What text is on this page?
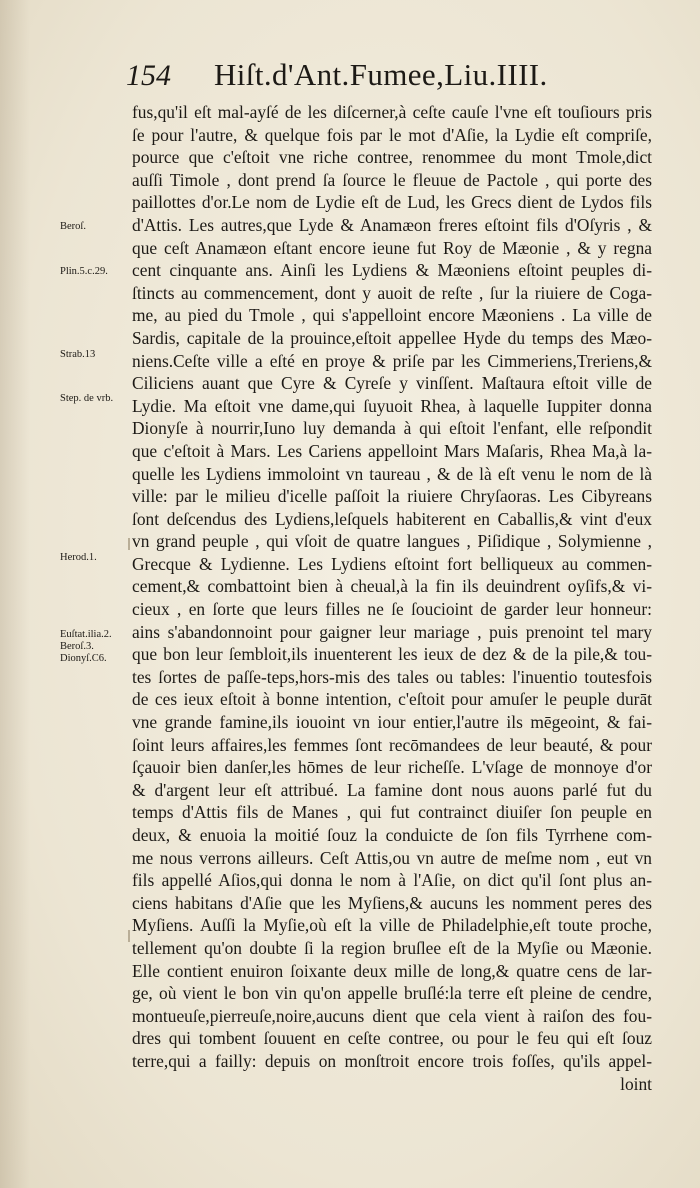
154 Hiſt.d'Ant.Fumee,Liu.IIII.
fus,qu'il eſt mal-ayſé de les diſcerner,à ceſte cauſe l'vne eſt touſiours pris
ſe pour l'autre, & quelque fois par le mot d'Aſie, la Lydie eſt compriſe,
pource que c'eſtoit vne riche contree, renommee du mont Tmole,dict
auſſi Timole , dont prend ſa ſource le fleuue de Pactole , qui porte des
paillottes d'or.Le nom de Lydie eſt de Lud, les Grecs dient de Lydos fils
d'Attis. Les autres,que Lyde & Anamæon freres eſtoint fils d'Oſyris , &
que ceſt Anamæon eſtant encore ieune fut Roy de Mæonie , & y regna
cent cinquante ans. Ainſi les Lydiens & Mæoniens eſtoint peuples di-
ſtincts au commencement, dont y auoit de reſte , ſur la riuiere de Coga-
me, au pied du Tmole , qui s'appelloint encore Mæoniens . La ville de
Sardis, capitale de la prouince,eſtoit appellee Hyde du temps des Mæo-
niens.Ceſte ville a eſté en proye & priſe par les Cimmeriens,Treriens,&
Ciliciens auant que Cyre & Cyreſe y vinſſent. Maſtaura eſtoit ville de
Lydie. Ma eſtoit vne dame,qui ſuyuoit Rhea, à laquelle Iuppiter donna
Dionyſe à nourrir,Iuno luy demanda à qui eſtoit l'enfant, elle reſpondit
que c'eſtoit à Mars. Les Cariens appelloint Mars Maſaris, Rhea Ma,à la-
quelle les Lydiens immoloint vn taureau , & de là eſt venu le nom de là
ville: par le milieu d'icelle paſſoit la riuiere Chryſaoras. Les Cibyreans
ſont deſcendus des Lydiens,leſquels habiterent en Caballis,& vint d'eux
vn grand peuple , qui vſoit de quatre langues , Piſidique , Solymienne ,
Grecque & Lydienne. Les Lydiens eſtoint fort belliqueux au commen-
cement,& combattoint bien à cheual,à la fin ils deuindrent oyſifs,& vi-
cieux , en ſorte que leurs filles ne ſe ſoucioint de garder leur honneur:
ains s'abandonnoint pour gaigner leur mariage , puis prenoint tel mary
que bon leur ſembloit,ils inuenterent les ieux de dez & de la pile,& tou-
tes ſortes de paſſe-teps,hors-mis des tales ou tables: l'inuentio toutesfois
de ces ieux eſtoit à bonne intention, c'eſtoit pour amuſer le peuple durāt
vne grande famine,ils iouoint vn iour entier,l'autre ils mēgeoint, & fai-
ſoint leurs affaires,les femmes ſont recōmandees de leur beauté, & pour
ſçauoir bien danſer,les hōmes de leur richeſſe. L'vſage de monnoye d'or
& d'argent leur eſt attribué. La famine dont nous auons parlé fut du
temps d'Attis fils de Manes , qui fut contrainct diuiſer ſon peuple en
deux, & enuoia la moitié ſouz la conduicte de ſon fils Tyrrhene com-
me nous verrons ailleurs. Ceſt Attis,ou vn autre de meſme nom , eut vn
fils appellé Aſios,qui donna le nom à l'Aſie, on dict qu'il ſont plus an-
ciens habitans d'Aſie que les Myſiens,& aucuns les nomment peres des
Myſiens. Auſſi la Myſie,où eſt la ville de Philadelphie,eſt toute proche,
tellement qu'on doubte ſi la region bruſlee eſt de la Myſie ou Mæonie.
Elle contient enuiron ſoixante deux mille de long,& quatre cens de lar-
ge, où vient le bon vin qu'on appelle bruſlé:la terre eſt pleine de cendre,
montueuſe,pierreuſe,noire,aucuns dient que cela vient à raiſon des fou-
dres qui tombent ſouuent en ceſte contree, ou pour le feu qui eſt ſouz
terre,qui a failly: depuis on monſtroit encore trois foſſes, qu'ils appel-
loint
Beroſ.
Plin.5.c.29.
Strab.13
Step. de vrb.
Herod.1.
Euſtat.ilia.2.
Beroſ.3.
Dionyſ.C6.
